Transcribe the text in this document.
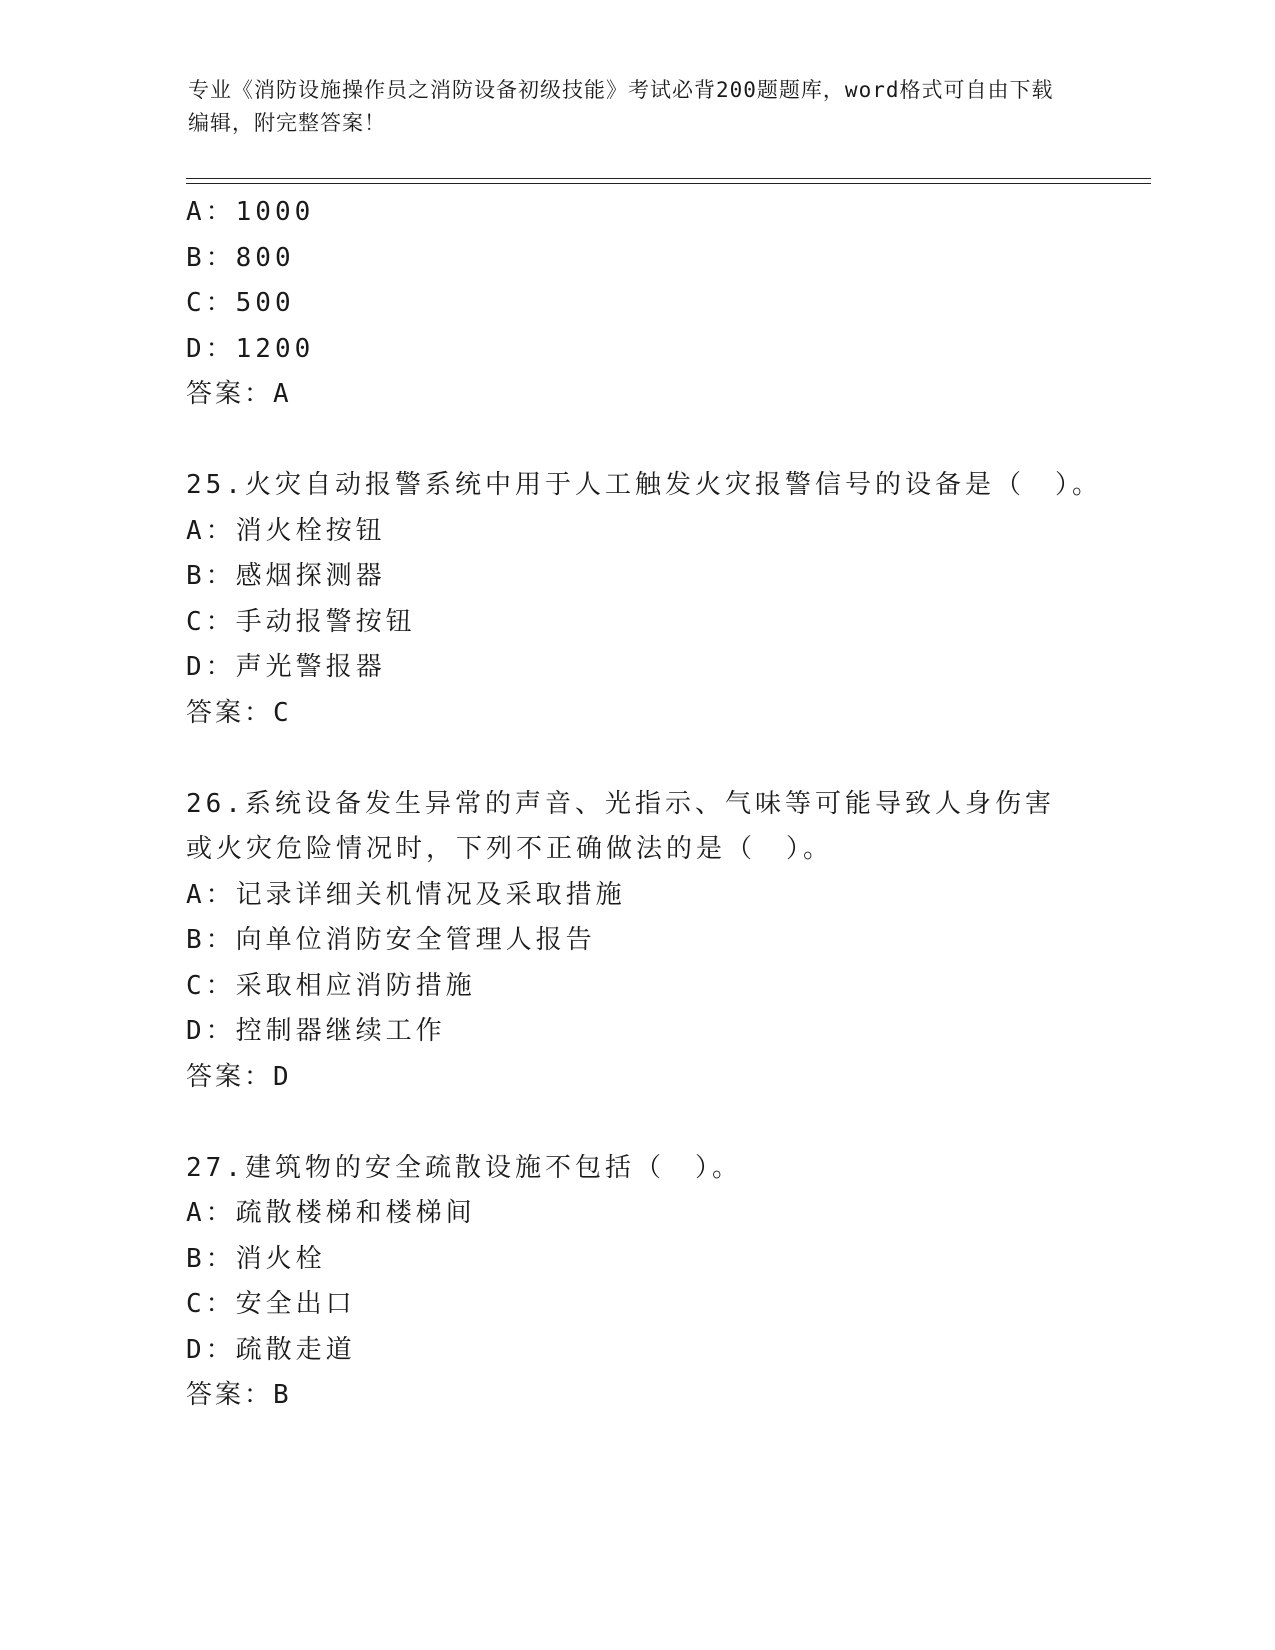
专业《消防设施操作员之消防设备初级技能》考试必背200题题库，word格式可自由下载编辑，附完整答案！
A：1000
B：800
C：500
D：1200
答案：A
25.火灾自动报警系统中用于人工触发火灾报警信号的设备是（　）。
A：消火栓按钮
B：感烟探测器
C：手动报警按钮
D：声光警报器
答案：C
26.系统设备发生异常的声音、光指示、气味等可能导致人身伤害或火灾危险情况时，下列不正确做法的是（　）。
A：记录详细关机情况及采取措施
B：向单位消防安全管理人报告
C：采取相应消防措施
D：控制器继续工作
答案：D
27.建筑物的安全疏散设施不包括（　）。
A：疏散楼梯和楼梯间
B：消火栓
C：安全出口
D：疏散走道
答案：B
